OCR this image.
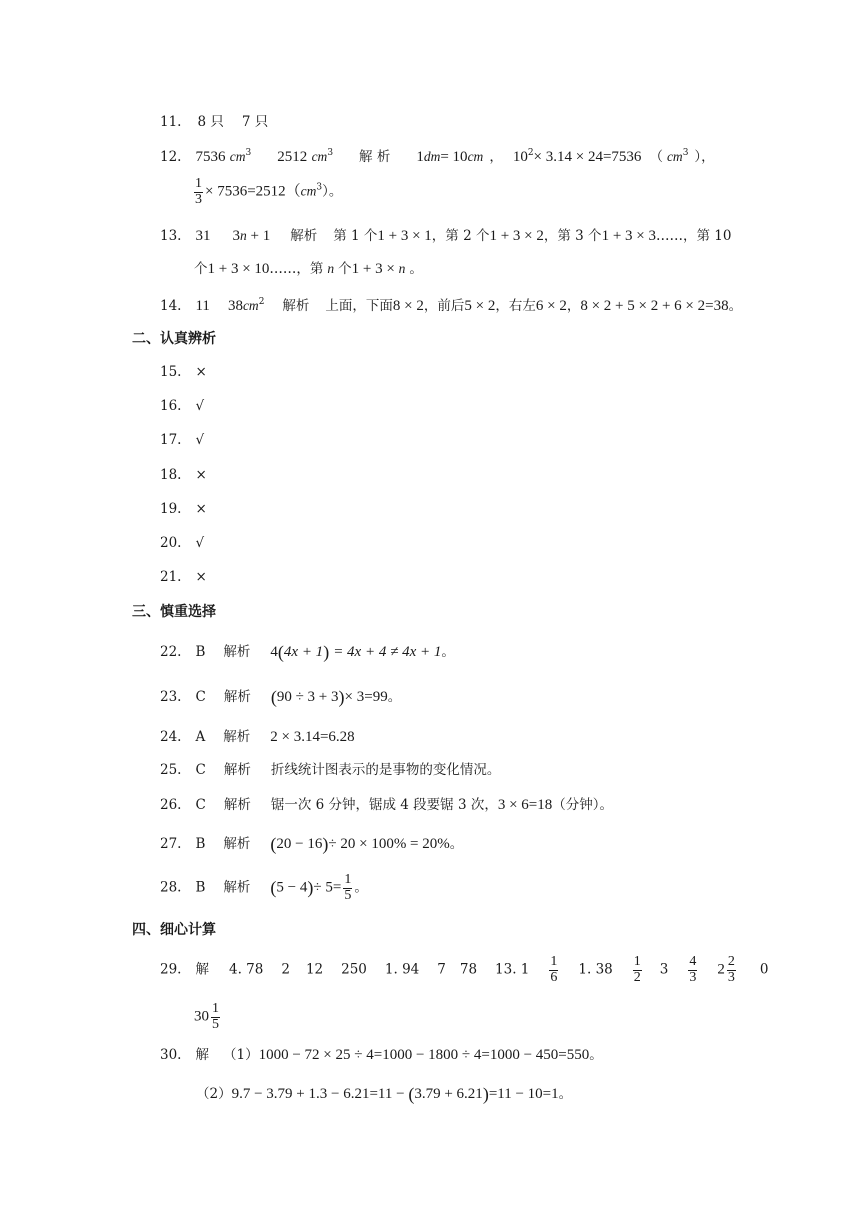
11. 8 只 7 只
12. 7536 $cm^3$ 2512 $cm^3$ 解 析 1dm= 10cm ， $10^2\times 3.14 \times 24=7536$ （ $cm^3$ ），
$\frac{1}{3} \times 7536=2512(cm^3)$。
13. 31 3n + 1 解析 第 1 个1 + 3 × 1，第 2 个1 + 3 × 2，第 3 个1 + 3 × 3……，第 10
个1 + 3 × 10……，第 n 个1 + 3 × n 。
14. 11 $38cm^2$ 解析 上面，下面8 × 2，前后5 × 2，右左6 × 2，8 × 2 + 5 × 2 + 6 × 2=38。
二、认真辨析
15. ×
16. √
17. √
18. ×
19. ×
20. √
21. ×
三、慎重选择
22. B 解析 4(4x + 1) = 4x + 4 ≠ 4x + 1。
23. C 解析 (90 ÷ 3 + 3)× 3=99。
24. A 解析 2 × 3.14=6.28
25. C 解析 折线统计图表示的是事物的变化情况。
26. C 解析 锯一次 6 分钟，锯成 4 段要锯 3 次，3 × 6=18（分钟）。
27. B 解析 (20 − 16)÷ 20 × 100% = 20%。
28. B 解析 $(5 - 4)\div 5= \frac{1}{5}$ 。
四、细心计算
29. 解 4. 78 2 12 250 1. 94 7 78 13. $1 \frac{1}{6} 1$. $38 \frac{1}{2} 3 \frac{4}{3} 2 \frac{2}{3} 0$
$30 \frac{1}{5}$
30. 解 （1）1000 − 72 × 25 ÷ 4=1000 − 1800 ÷ 4=1000 − 450=550。
（2）9.7 − 3.79 + 1.3 − 6.21=11 − (3.79 + 6.21)=11 − 10=1。
